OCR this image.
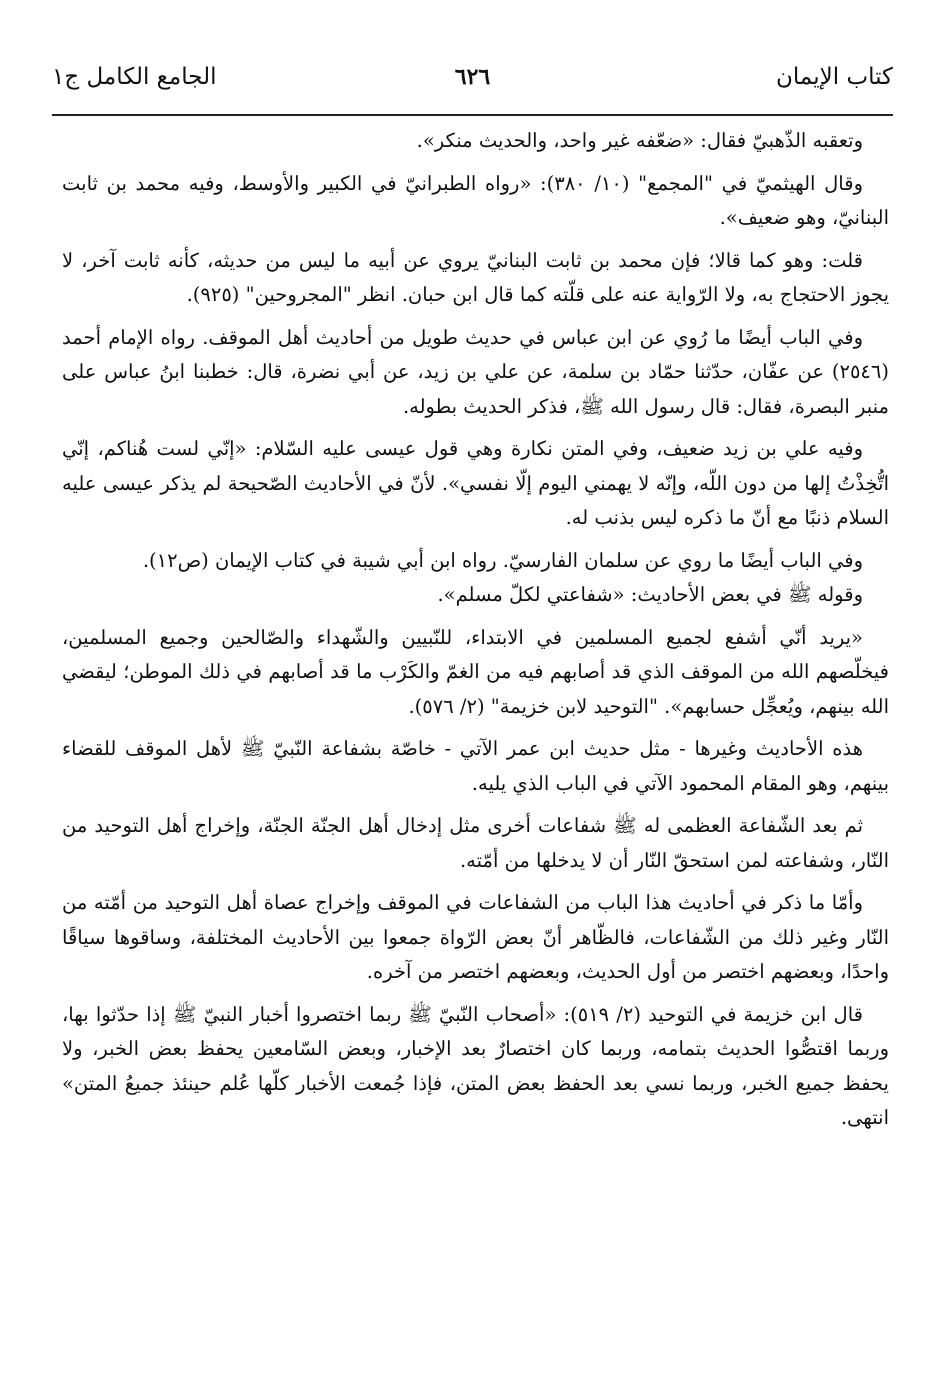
كتاب الإيمان
٦٢٦
الجامع الكامل ج١

وتعقبه الذّهبيّ فقال: «ضعّفه غير واحد، والحديث منكر».

وقال الهيثميّ في "المجمع" (١٠/ ٣٨٠): «رواه الطبرانيّ في الكبير والأوسط، وفيه محمد بن ثابت البنانيّ، وهو ضعيف».

قلت: وهو كما قالا؛ فإن محمد بن ثابت البنانيّ يروي عن أبيه ما ليس من حديثه، كأنه ثابت آخر، لا يجوز الاحتجاج به، ولا الرّواية عنه على قلّته كما قال ابن حبان. انظر "المجروحين" (٩٢٥).

وفي الباب أيضًا ما رُوي عن ابن عباس في حديث طويل من أحاديث أهل الموقف. رواه الإمام أحمد (٢٥٤٦) عن عفّان، حدّثنا حمّاد بن سلمة، عن علي بن زيد، عن أبي نضرة، قال: خطبنا ابنُ عباس على منبر البصرة، فقال: قال رسول الله ﷺ، فذكر الحديث بطوله.

وفيه علي بن زيد ضعيف، وفي المتن نكارة وهي قول عيسى عليه السّلام: «إنّي لست هُناكم، إنّي اتُّخِذْتُ إلها من دون اللّه، وإنّه لا يهمني اليوم إلّا نفسي». لأنّ في الأحاديث الصّحيحة لم يذكر عيسى عليه السلام ذنبًا مع أنّ ما ذكره ليس بذنب له.

وفي الباب أيضًا ما روي عن سلمان الفارسيّ. رواه ابن أبي شيبة في كتاب الإيمان (ص١٢).

وقوله ﷺ في بعض الأحاديث: «شفاعتي لكلّ مسلم».

«يريد أنّي أشفع لجميع المسلمين في الابتداء، للنّبيين والشّهداء والصّالحين وجميع المسلمين، فيخلّصهم الله من الموقف الذي قد أصابهم فيه من الغمّ والكَرْب ما قد أصابهم في ذلك الموطن؛ ليقضي الله بينهم، ويُعجِّل حسابهم». "التوحيد لابن خزيمة" (٢/ ٥٧٦).

هذه الأحاديث وغيرها - مثل حديث ابن عمر الآتي - خاصّة بشفاعة النّبيّ ﷺ لأهل الموقف للقضاء بينهم، وهو المقام المحمود الآتي في الباب الذي يليه.

ثم بعد الشّفاعة العظمى له ﷺ شفاعات أخرى مثل إدخال أهل الجنّة الجنّة، وإخراج أهل التوحيد من النّار، وشفاعته لمن استحقّ النّار أن لا يدخلها من أمّته.

وأمّا ما ذكر في أحاديث هذا الباب من الشفاعات في الموقف وإخراج عصاة أهل التوحيد من أمّته من النّار وغير ذلك من الشّفاعات، فالظّاهر أنّ بعض الرّواة جمعوا بين الأحاديث المختلفة، وساقوها سياقًا واحدًا، وبعضهم اختصر من أول الحديث، وبعضهم اختصر من آخره.

قال ابن خزيمة في التوحيد (٢/ ٥١٩): «أصحاب النّبيّ ﷺ ربما اختصروا أخبار النبيّ ﷺ إذا حدّثوا بها، وربما اقتصُّوا الحديث بتمامه، وربما كان اختصارٌ بعد الإخبار، وبعض السّامعين يحفظ بعض الخبر، ولا يحفظ جميع الخبر، وربما نسي بعد الحفظ بعض المتن، فإذا جُمعت الأخبار كلّها عُلم حينئذ جميعُ المتن» انتهى.
